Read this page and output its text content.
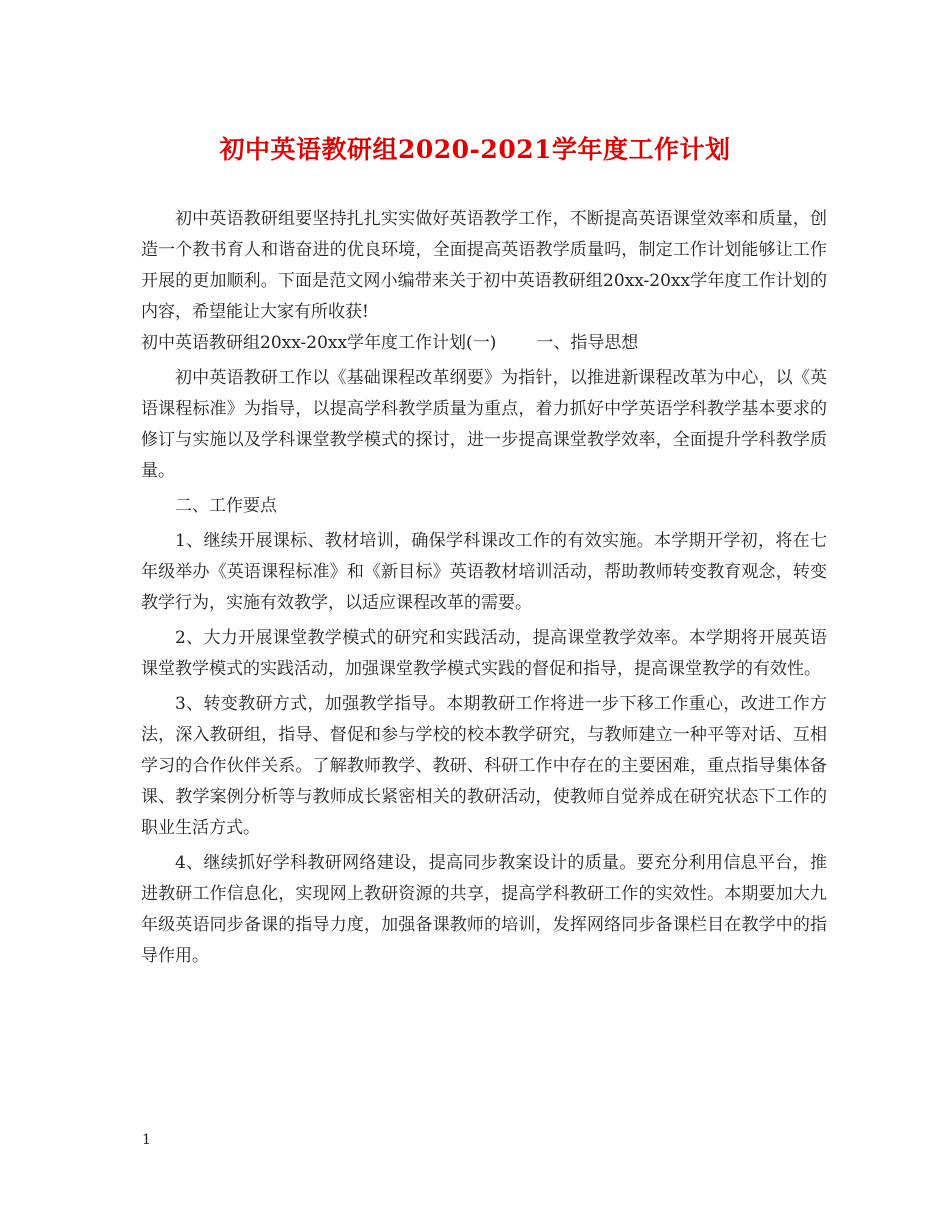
初中英语教研组2020-2021学年度工作计划

初中英语教研组要坚持扎扎实实做好英语教学工作，不断提高英语课堂效率和质量，创造一个教书育人和谐奋进的优良环境，全面提高英语教学质量吗，制定工作计划能够让工作开展的更加顺利。下面是范文网小编带来关于初中英语教研组20xx-20xx学年度工作计划的内容，希望能让大家有所收获!

初中英语教研组20xx-20xx学年度工作计划(一) 一、指导思想

初中英语教研工作以《基础课程改革纲要》为指针，以推进新课程改革为中心，以《英语课程标准》为指导，以提高学科教学质量为重点，着力抓好中学英语学科教学基本要求的修订与实施以及学科课堂教学模式的探讨，进一步提高课堂教学效率，全面提升学科教学质量。

二、工作要点

1、继续开展课标、教材培训，确保学科课改工作的有效实施。本学期开学初，将在七年级举办《英语课程标准》和《新目标》英语教材培训活动，帮助教师转变教育观念，转变教学行为，实施有效教学，以适应课程改革的需要。

2、大力开展课堂教学模式的研究和实践活动，提高课堂教学效率。本学期将开展英语课堂教学模式的实践活动，加强课堂教学模式实践的督促和指导，提高课堂教学的有效性。

3、转变教研方式，加强教学指导。本期教研工作将进一步下移工作重心，改进工作方法，深入教研组，指导、督促和参与学校的校本教学研究，与教师建立一种平等对话、互相学习的合作伙伴关系。了解教师教学、教研、科研工作中存在的主要困难，重点指导集体备课、教学案例分析等与教师成长紧密相关的教研活动，使教师自觉养成在研究状态下工作的职业生活方式。

4、继续抓好学科教研网络建设，提高同步教案设计的质量。要充分利用信息平台，推进教研工作信息化，实现网上教研资源的共享，提高学科教研工作的实效性。本期要加大九年级英语同步备课的指导力度，加强备课教师的培训，发挥网络同步备课栏目在教学中的指导作用。

1
